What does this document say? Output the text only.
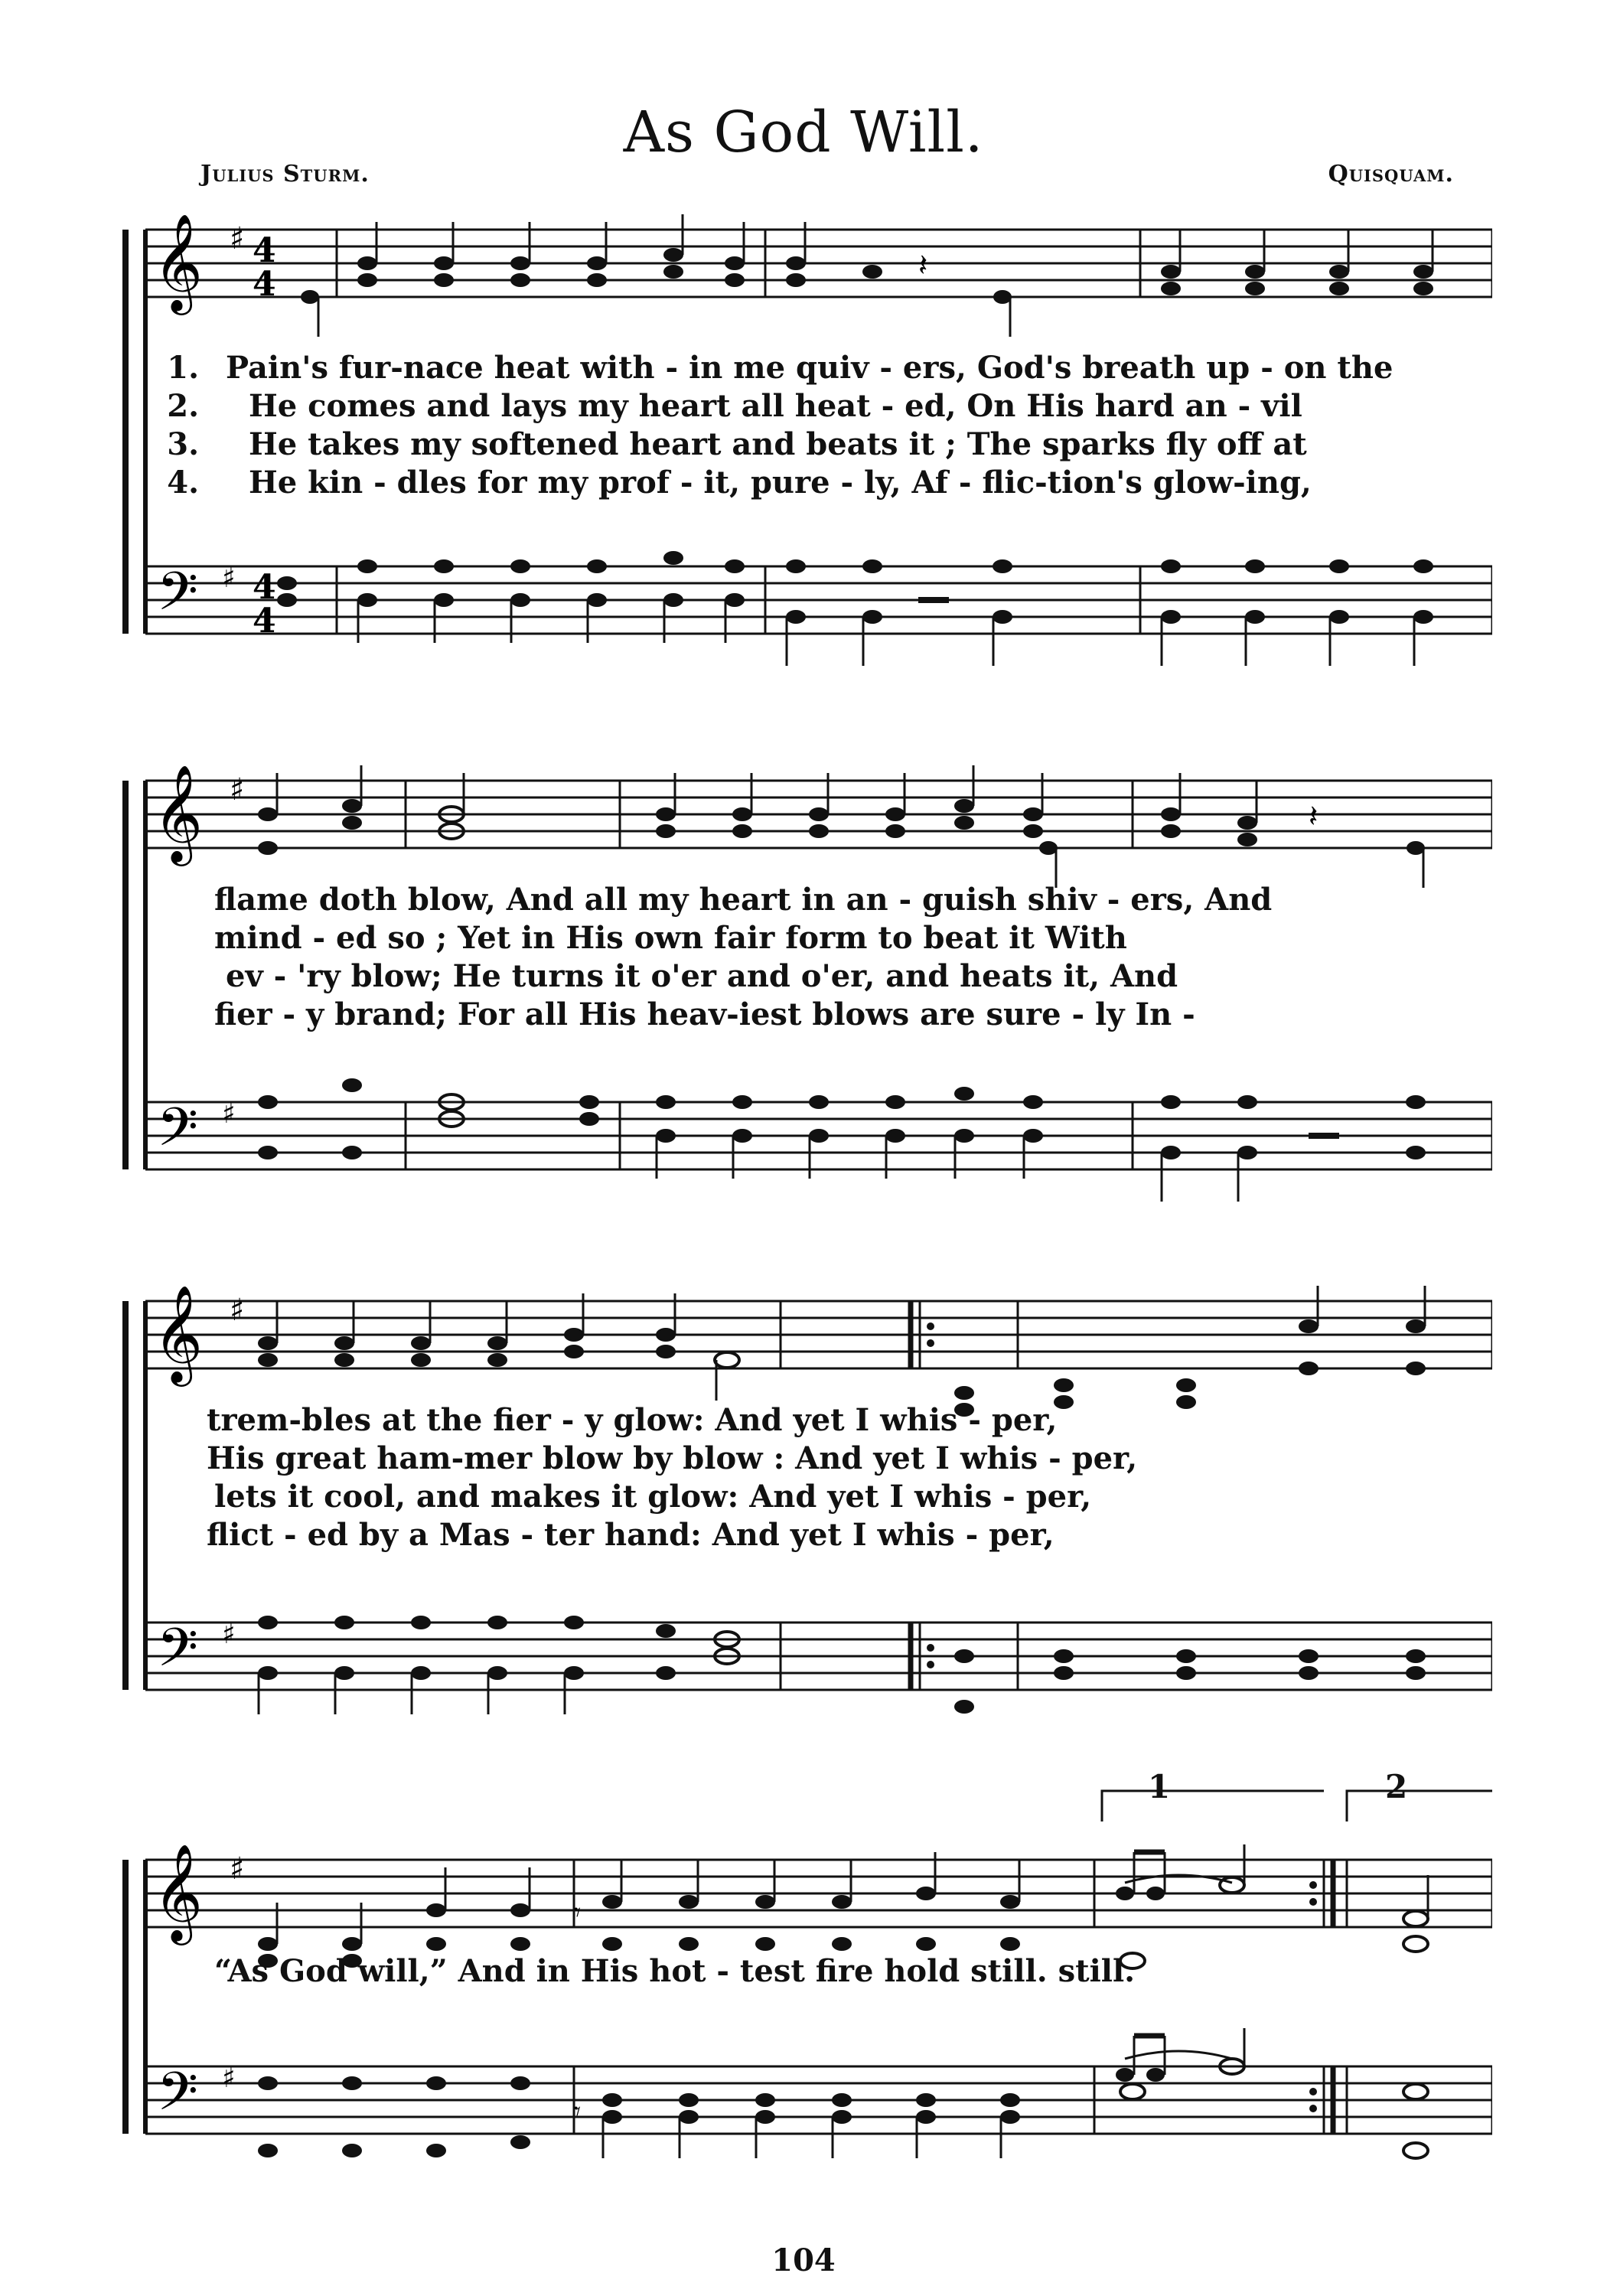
As God Will.
Julius Sturm.	Quisquam.
𝄞 ♯ 4
4
𝄢 ♯ 4
4
𝄽
1. Pain's fur-nace heat with - in me quiv - ers, God's breath up - on the
2. He comes and lays my heart all heat - ed, On His hard an - vil
3. He takes my softened heart and beats it ; The sparks fly off at
4. He kin - dles for my prof - it, pure - ly, Af - flic-tion's glow-ing,
𝄞 ♯
𝄢 ♯
𝄽
flame doth blow, And all my heart in an - guish shiv - ers, And
mind - ed so ; Yet in His own fair form to beat it With
ev - 'ry blow; He turns it o'er and o'er, and heats it, And
fier - y brand; For all His heav-iest blows are sure - ly In -
𝄞 ♯
𝄢 ♯
trem-bles at the fier - y glow: And yet I whis - per,
His great ham-mer blow by blow : And yet I whis - per,
lets it cool, and makes it glow: And yet I whis - per,
flict - ed by a Mas - ter hand: And yet I whis - per,
1	2
𝄞 ♯
𝄢 ♯
𝄾
𝄾
“As God will,” And in His hot - test fire hold still. still.
104
